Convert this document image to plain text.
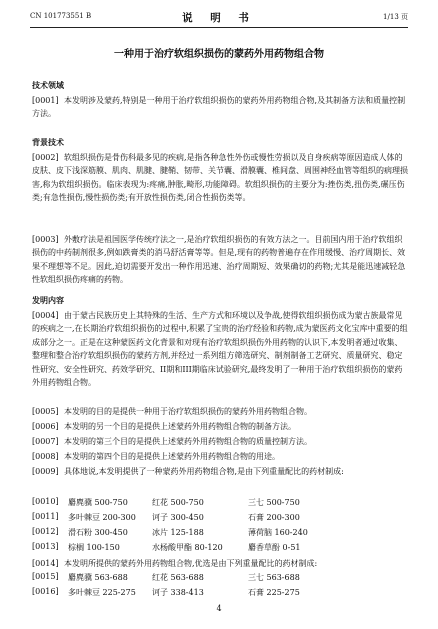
CN 101773551 B	说 明 书	1/13 页
一种用于治疗软组织损伤的蒙药外用药物组合物
技术领域
[0001] 本发明涉及蒙药,特别是一种用于治疗软组织损伤的蒙药外用药物组合物,及其制备方法和质量控制方法。
背景技术
[0002] 软组织损伤是骨伤科最多见的疾病,是指各种急性外伤或慢性劳损以及自身疾病等原因造成人体的皮肤、皮下浅深筋膜、肌肉、肌腱、腱鞘、韧带、关节囊、滑膜囊、椎间盘、周围神经血管等组织的病理损害,称为软组织损伤。临床表现为:疼痛,肿胀,畸形,功能障碍。软组织损伤的主要分为:挫伤类,扭伤类,碾压伤类;有急性损伤,慢性损伤类;有开放性损伤类,闭合性损伤类等。
[0003] 外敷疗法是祖国医学传统疗法之一,是治疗软组织损伤的有效方法之一。目前国内用于治疗软组织损伤的中药制剂很多,例如跌膏类的消马舒活膏等等。但是,现有的药物普遍存在作用缓慢、治疗周期长、效果不理想等不足。因此,迫切需要开发出一种作用迅速、治疗周期短、效果确切的药物;尤其是能迅速减轻急性软组织损伤疼痛的药物。
发明内容
[0004] 由于蒙古民族历史上其特殊的生活、生产方式和环境以及争战,使得软组织损伤成为蒙古族最常见的疾病之一,在长期治疗软组织损伤的过程中,积累了宝贵的治疗经验和药物,成为蒙医药文化宝库中重要的组成部分之一。正是在这种蒙医药文化背景和对现有治疗软组织损伤外用药物的认识下,本发明者通过收集、整理和整合治疗软组织损伤的蒙药方剂,并经过一系列组方筛选研究、制剂制备工艺研究、质量研究、稳定性研究、安全性研究、药效学研究、II期和III期临床试验研究,最终发明了一种用于治疗软组织损伤的蒙药外用药物组合物。
[0005] 本发明的目的是提供一种用于治疗软组织损伤的蒙药外用药物组合物。
[0006] 本发明的另一个目的是提供上述蒙药外用药物组合物的制备方法。
[0007] 本发明的第三个目的是提供上述蒙药外用药物组合物的质量控制方法。
[0008] 本发明的第四个目的是提供上述蒙药外用药物组合物的用途。
[0009] 具体地说,本发明提供了一种蒙药外用药物组合物,是由下列重量配比的药材制成:
[0010] 麝麂骥 500-750	红花 500-750	三七 500-750
[0011] 多叶棘豆 200-300 诃子 300-450	石膏 200-300
[0012] 滑石粉 300-450	冰片 125-188	薄荷脑 160-240
[0013] 棕榈 100-150	水杨酸甲酯 80-120	麝香草酚 0-51
[0014] 本发明所提供的蒙药外用药物组合物,优选是由下列重量配比的药材制成:
[0015] 麝麂骥 563-688	红花 563-688	三七 563-688
[0016] 多叶棘豆 225-275 诃子 338-413	石膏 225-275
4
